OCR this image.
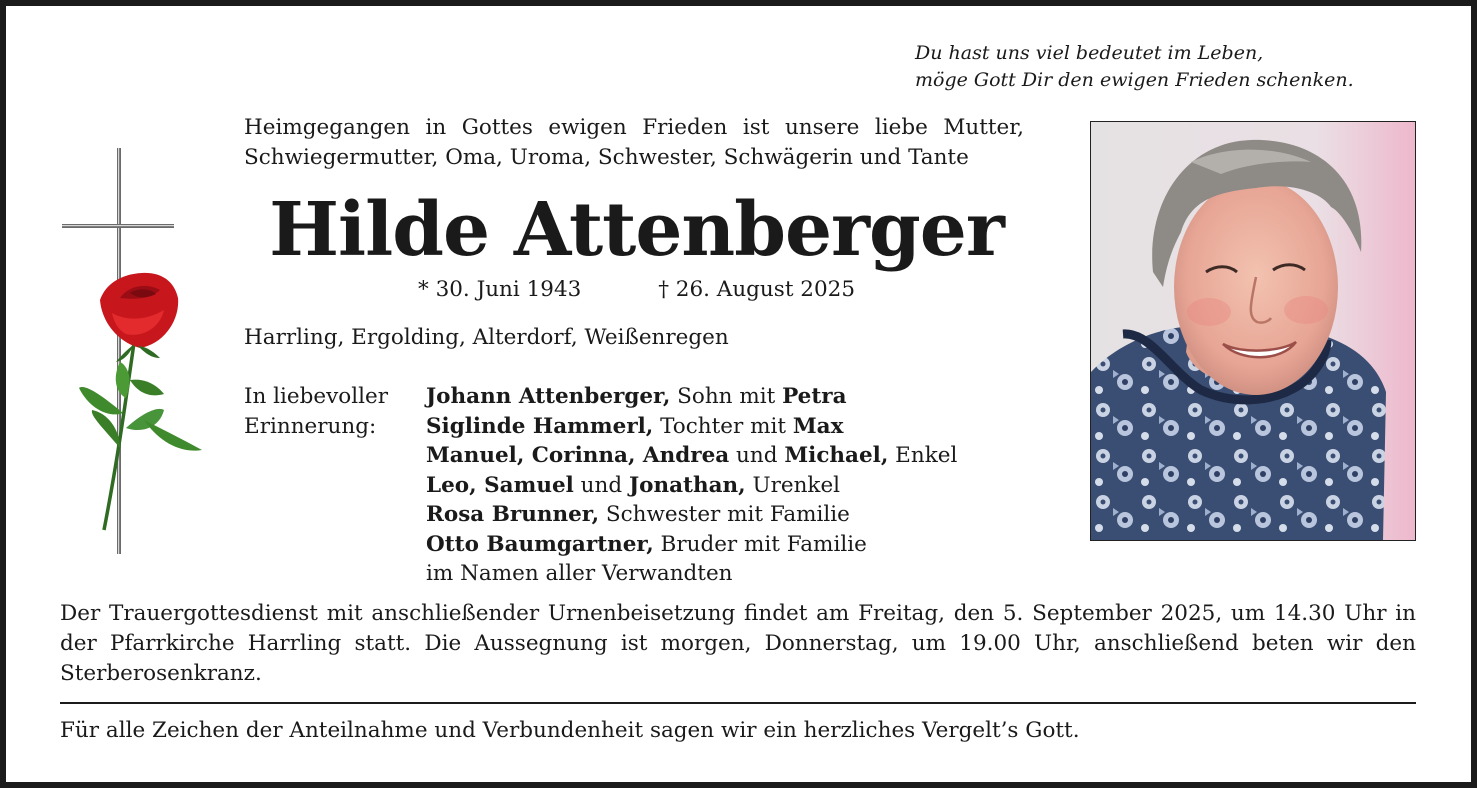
Du hast uns viel bedeutet im Leben,
möge Gott Dir den ewigen Frieden schenken.

Heimgegangen in Gottes ewigen Frieden ist unsere liebe Mutter,

Schwiegermutter, Oma, Uroma, Schwester, Schwägerin und Tante

Hilde Attenberger
* 30. Juni 1943	† 26. August 2025
Harrling, Ergolding, Alterdorf, Weißenregen
In liebevoller
Erinnerung:
Johann Attenberger, Sohn mit Petra
Siglinde Hammerl, Tochter mit Max
Manuel, Corinna, Andrea und Michael, Enkel
Leo, Samuel und Jonathan, Urenkel
Rosa Brunner, Schwester mit Familie
Otto Baumgartner, Bruder mit Familie
im Namen aller Verwandten

Der Trauergottesdienst mit anschließender Urnenbeisetzung findet am Freitag, den 5. September 2025, um 14.30 Uhr in der Pfarrkirche Harrling statt. Die Aussegnung ist morgen, Donnerstag, um 19.00 Uhr, anschließend beten wir den Sterberosenkranz.

Für alle Zeichen der Anteilnahme und Verbundenheit sagen wir ein herzliches Vergelt’s Gott.
